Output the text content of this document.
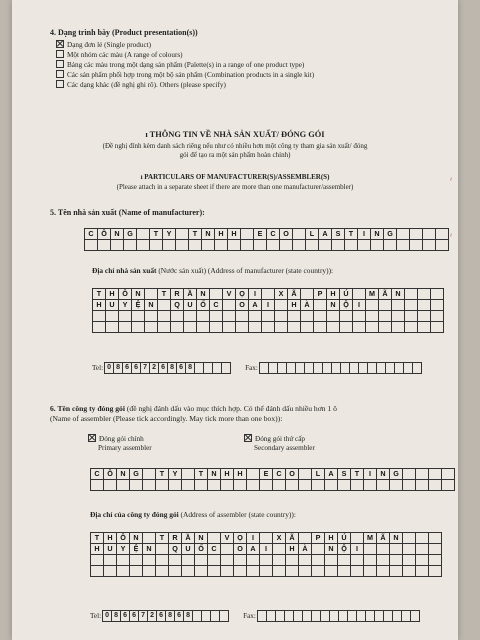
4. Dạng trình bày (Product presentation(s))
Dạng đơn lẻ (Single product)
Một nhóm các màu (A range of colours)
Bảng các màu trong một dạng sản phẩm (Palette(s) in a range of one product type)
Các sản phẩm phối hợp trong một bộ sản phẩm (Combination products in a single kit)
Các dạng khác (đề nghị ghi rõ). Others (please specify)
ı THÔNG TIN VỀ NHÀ SẢN XUẤT/ ĐÓNG GÓI
(Đề nghị đính kèm danh sách riêng nếu như có nhiều hơn một công ty tham gia sản xuất/ đóng
gói để tạo ra một sản phẩm hoàn chỉnh)
ı PARTICULARS OF MANUFACTURER(S)/ASSEMBLER(S)
(Please attach in a separate sheet if there are more than one manufacturer/assembler)
5. Tên nhà sản xuất (Name of manufacturer):
C	Ô	N	G		T	Y		T	N	H	H		E	C	O		L	A	S	T	I	N	G				

Địa chỉ nhà sản xuất (Nước sản xuất) (Address of manufacturer (state country)):
T	H	Ô	N		T	R	Ầ	N		V	Ọ	I		X	Ã		P	H	Ú		M	Ã	N			
H	U	Y	Ệ	N		Q	U	Ố	C		O	A	I		H	À		N	Ộ	I						

Tel: 0 8 6 6 7 2 6 8 6 8	Fax:
6. Tên công ty đóng gói (đề nghị đánh dấu vào mục thích hợp. Có thể đánh dấu nhiều hơn 1 ô
(Name of assembler (Please tick accordingly. May tick more than one box)):
Đóng gói chính
Primary assembler
Đóng gói thứ cấp
Secondary assembler
C	Ô	N	G		T	Y		T	N	H	H		E	C	O		L	A	S	T	I	N	G				

Địa chỉ của công ty đóng gói (Address of assembler (state country)):
T	H	Ô	N		T	R	Ầ	N		V	Ọ	I		X	Ã		P	H	Ú		M	Ã	N			
H	U	Y	Ệ	N		Q	U	Ố	C		O	A	I		H	À		N	Ộ	I						

Tel: 0 8 6 6 7 2 6 8 6 8	Fax:
~
~
